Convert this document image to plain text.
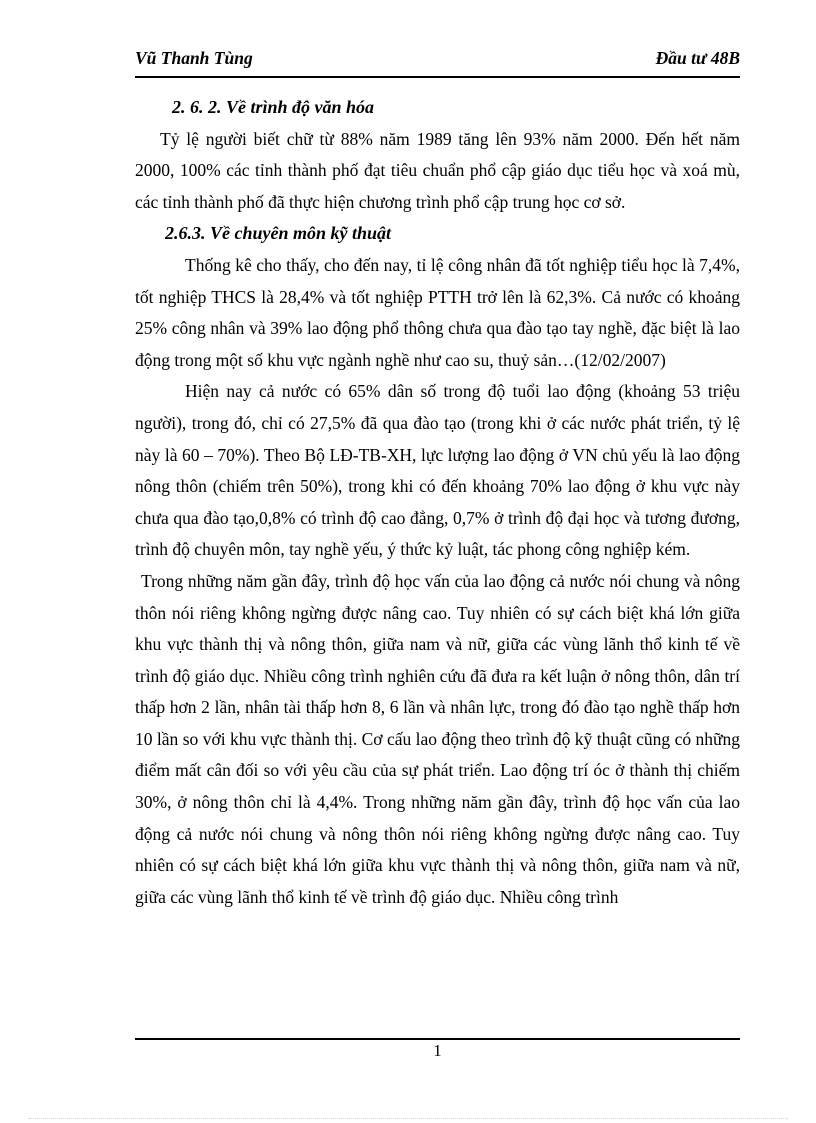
Vũ Thanh Tùng	Đầu tư 48B

2. 6. 2. Về trình độ văn hóa

Tỷ lệ người biết chữ từ 88% năm 1989 tăng lên 93% năm 2000. Đến hết năm 2000, 100% các tỉnh thành phố đạt tiêu chuẩn phổ cập giáo dục tiểu học và xoá mù, các tỉnh thành phố đã thực hiện chương trình phổ cập trung học cơ sở.

2.6.3. Về chuyên môn kỹ thuật

Thống kê cho thấy, cho đến nay, tỉ lệ công nhân đã tốt nghiệp tiểu học là 7,4%, tốt nghiệp THCS là 28,4% và tốt nghiệp PTTH trở lên là 62,3%. Cả nước có khoảng 25% công nhân và 39% lao động phổ thông chưa qua đào tạo tay nghề, đặc biệt là lao động trong một số khu vực ngành nghề như cao su, thuỷ sản…(12/02/2007)

Hiện nay cả nước có 65% dân số trong độ tuổi lao động (khoảng 53 triệu người), trong đó, chỉ có 27,5% đã qua đào tạo (trong khi ở các nước phát triển, tỷ lệ này là 60 – 70%). Theo Bộ LĐ-TB-XH, lực lượng lao động ở VN chủ yếu là lao động nông thôn (chiếm trên 50%), trong khi có đến khoảng 70% lao động ở khu vực này chưa qua đào tạo,0,8% có trình độ cao đẳng, 0,7% ở trình độ đại học và tương đương, trình độ chuyên môn, tay nghề yếu, ý thức kỷ luật, tác phong công nghiệp kém.

Trong những năm gần đây, trình độ học vấn của lao động cả nước nói chung và nông thôn nói riêng không ngừng được nâng cao. Tuy nhiên có sự cách biệt khá lớn giữa khu vực thành thị và nông thôn, giữa nam và nữ, giữa các vùng lãnh thổ kinh tế về trình độ giáo dục. Nhiều công trình nghiên cứu đã đưa ra kết luận ở nông thôn, dân trí thấp hơn 2 lần, nhân tài thấp hơn 8, 6 lần và nhân lực, trong đó đào tạo nghề thấp hơn 10 lần so với khu vực thành thị. Cơ cấu lao động theo trình độ kỹ thuật cũng có những điểm mất cân đối so với yêu cầu của sự phát triển. Lao động trí óc ở thành thị chiếm 30%, ở nông thôn chỉ là 4,4%. Trong những năm gần đây, trình độ học vấn của lao động cả nước nói chung và nông thôn nói riêng không ngừng được nâng cao. Tuy nhiên có sự cách biệt khá lớn giữa khu vực thành thị và nông thôn, giữa nam và nữ, giữa các vùng lãnh thổ kinh tế về trình độ giáo dục. Nhiều công trình

1
